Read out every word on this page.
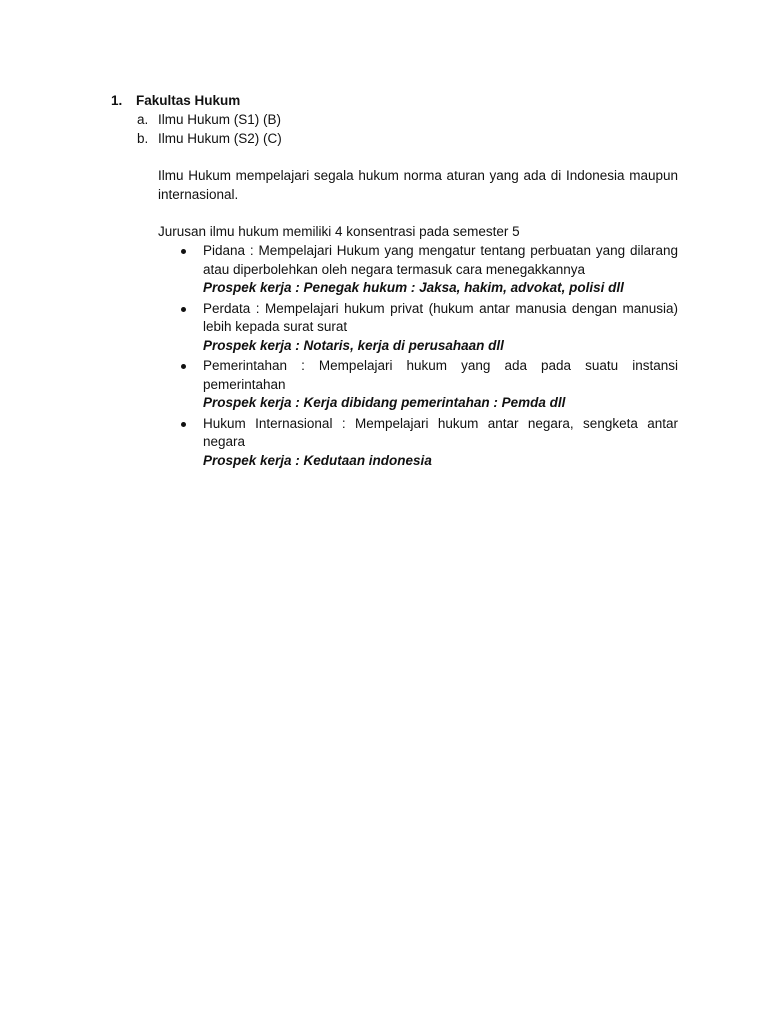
1. Fakultas Hukum
a. Ilmu Hukum (S1) (B)
b. Ilmu Hukum (S2) (C)
Ilmu Hukum mempelajari segala hukum norma aturan yang ada di Indonesia maupun internasional.
Jurusan ilmu hukum memiliki 4 konsentrasi pada semester 5
Pidana : Mempelajari Hukum yang mengatur tentang perbuatan yang dilarang atau diperbolehkan oleh negara termasuk cara menegakkannya
Prospek kerja : Penegak hukum : Jaksa, hakim, advokat, polisi dll
Perdata : Mempelajari hukum privat (hukum antar manusia dengan manusia) lebih kepada surat surat
Prospek kerja : Notaris, kerja di perusahaan dll
Pemerintahan : Mempelajari hukum yang ada pada suatu instansi pemerintahan
Prospek kerja : Kerja dibidang pemerintahan : Pemda dll
Hukum Internasional : Mempelajari hukum antar negara, sengketa antar negara
Prospek kerja : Kedutaan indonesia
